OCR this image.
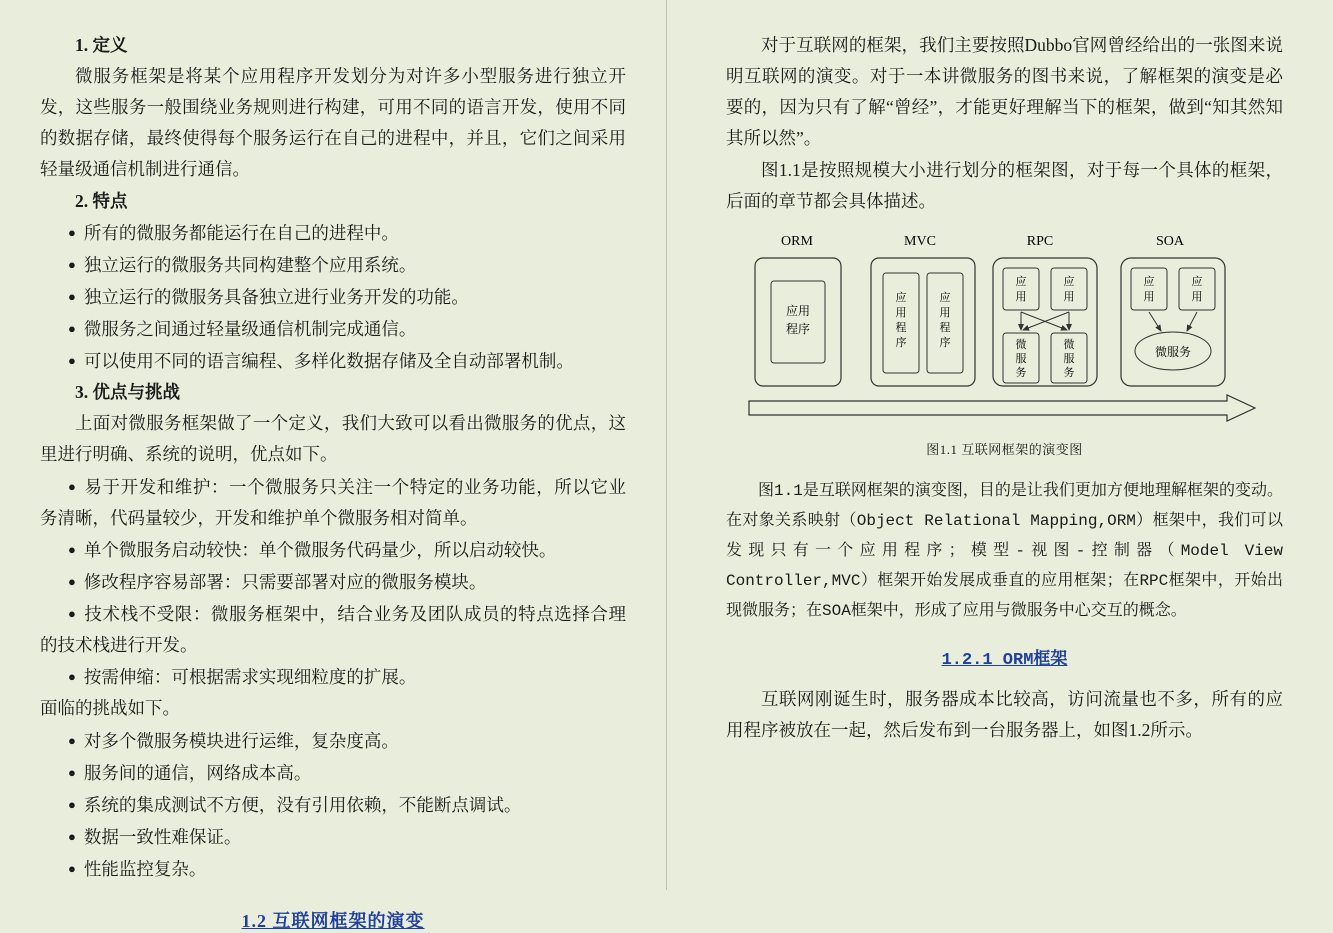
1. 定义

微服务框架是将某个应用程序开发划分为对许多小型服务进行独立开发，这些服务一般围绕业务规则进行构建，可用不同的语言开发，使用不同的数据存储，最终使得每个服务运行在自己的进程中，并且，它们之间采用轻量级通信机制进行通信。

2. 特点

● 所有的微服务都能运行在自己的进程中。

● 独立运行的微服务共同构建整个应用系统。

● 独立运行的微服务具备独立进行业务开发的功能。

● 微服务之间通过轻量级通信机制完成通信。

● 可以使用不同的语言编程、多样化数据存储及全自动部署机制。

3. 优点与挑战

上面对微服务框架做了一个定义，我们大致可以看出微服务的优点，这里进行明确、系统的说明，优点如下。

● 易于开发和维护：一个微服务只关注一个特定的业务功能，所以它业务清晰，代码量较少，开发和维护单个微服务相对简单。

● 单个微服务启动较快：单个微服务代码量少，所以启动较快。

● 修改程序容易部署：只需要部署对应的微服务模块。

● 技术栈不受限：微服务框架中，结合业务及团队成员的特点选择合理的技术栈进行开发。

● 按需伸缩：可根据需求实现细粒度的扩展。

面临的挑战如下。

● 对多个微服务模块进行运维，复杂度高。

● 服务间的通信，网络成本高。

● 系统的集成测试不方便，没有引用依赖，不能断点调试。

● 数据一致性难保证。

● 性能监控复杂。

1.2 互联网框架的演变

对于互联网的框架，我们主要按照Dubbo官网曾经给出的一张图来说明互联网的演变。对于一本讲微服务的图书来说，了解框架的演变是必要的，因为只有了解“曾经”，才能更好理解当下的框架，做到“知其然知其所以然”。

图1.1是按照规模大小进行划分的框架图，对于每一个具体的框架，后面的章节都会具体描述。

ORM	MVC	RPC	SOA
应用
程序
应
用
程
序
应
用
程
序
应
用
应
用
微
服
务
微
服
务
应
用
应
用
微服务
图1.1 互联网框架的演变图

图1.1是互联网框架的演变图，目的是让我们更加方便地理解框架的变动。在对象关系映射（Object Relational Mapping,ORM）框架中，我们可以发现只有一个应用程序；模型-视图-控制器（Model View Controller,MVC）框架开始发展成垂直的应用框架；在RPC框架中，开始出现微服务；在SOA框架中，形成了应用与微服务中心交互的概念。

1.2.1 ORM框架

互联网刚诞生时，服务器成本比较高，访问流量也不多，所有的应用程序被放在一起，然后发布到一台服务器上，如图1.2所示。
